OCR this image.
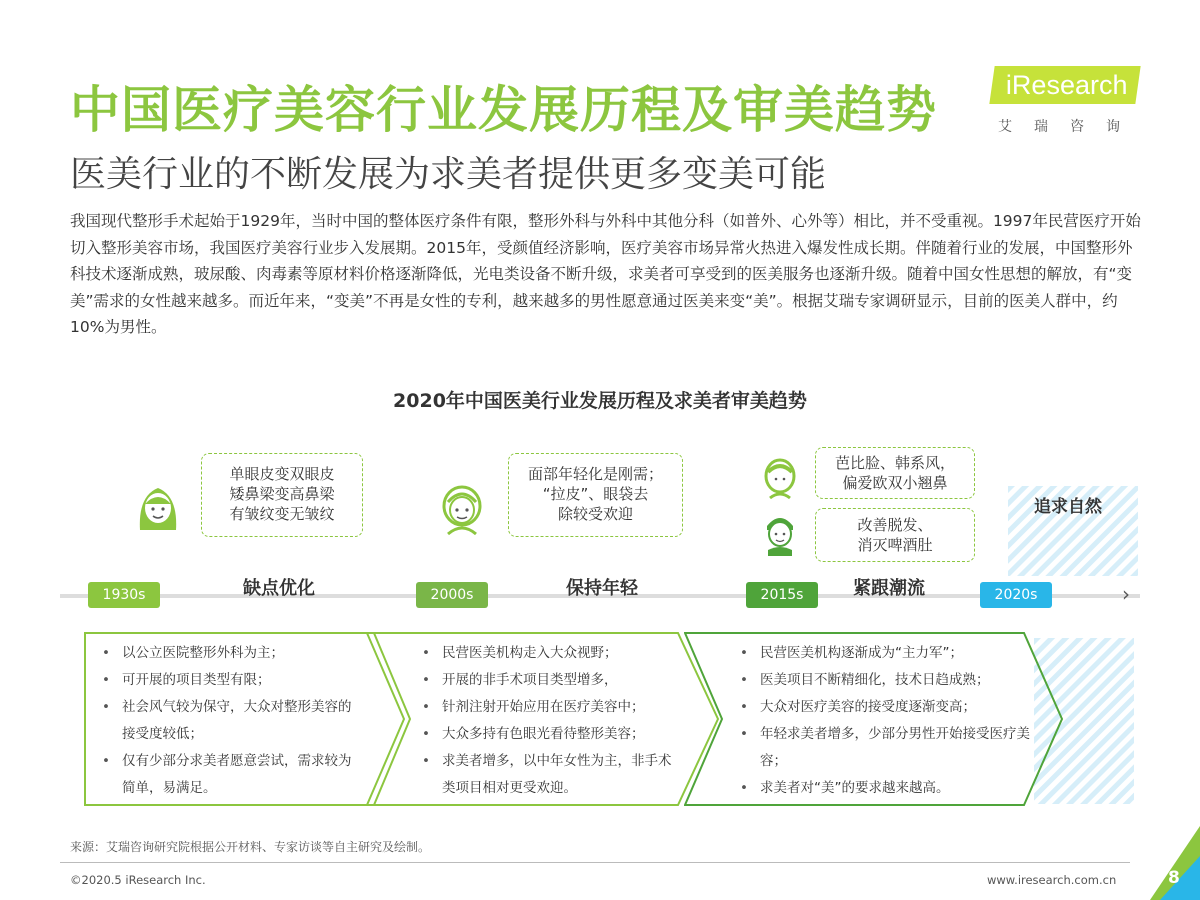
中国医疗美容行业发展历程及审美趋势
医美行业的不断发展为求美者提供更多变美可能
iResearch
艾瑞咨询
我国现代整形手术起始于1929年，当时中国的整体医疗条件有限，整形外科与外科中其他分科（如普外、心外等）相比，并不受重视。1997年民营医疗开始切入整形美容市场，我国医疗美容行业步入发展期。2015年，受颜值经济影响，医疗美容市场异常火热进入爆发性成长期。伴随着行业的发展，中国整形外科技术逐渐成熟，玻尿酸、肉毒素等原材料价格逐渐降低，光电类设备不断升级，求美者可享受到的医美服务也逐渐升级。随着中国女性思想的解放，有“变美”需求的女性越来越多。而近年来，“变美”不再是女性的专利，越来越多的男性愿意通过医美来变“美”。根据艾瑞专家调研显示，目前的医美人群中，约10%为男性。
2020年中国医美行业发展历程及求美者审美趋势
单眼皮变双眼皮
矮鼻梁变高鼻梁
有皱纹变无皱纹
面部年轻化是刚需；
“拉皮”、眼袋去
除较受欢迎
芭比脸、韩系风，
偏爱欧双小翘鼻
改善脱发、
消灭啤酒肚
追求自然
›
1930s	缺点优化	2000s	保持年轻	2015s	紧跟潮流	2020s
• 以公立医院整形外科为主；
• 可开展的项目类型有限；
• 社会风气较为保守，大众对整形美容的接受度较低；
• 仅有少部分求美者愿意尝试，需求较为简单，易满足。
• 民营医美机构走入大众视野；
• 开展的非手术项目类型增多，
• 针剂注射开始应用在医疗美容中；
• 大众多持有色眼光看待整形美容；
• 求美者增多，以中年女性为主，非手术类项目相对更受欢迎。
• 民营医美机构逐渐成为“主力军”；
• 医美项目不断精细化，技术日趋成熟；
• 大众对医疗美容的接受度逐渐变高；
• 年轻求美者增多，少部分男性开始接受医疗美容；
• 求美者对“美”的要求越来越高。
来源：艾瑞咨询研究院根据公开材料、专家访谈等自主研究及绘制。
©2020.5 iResearch Inc.	www.iresearch.com.cn	8
